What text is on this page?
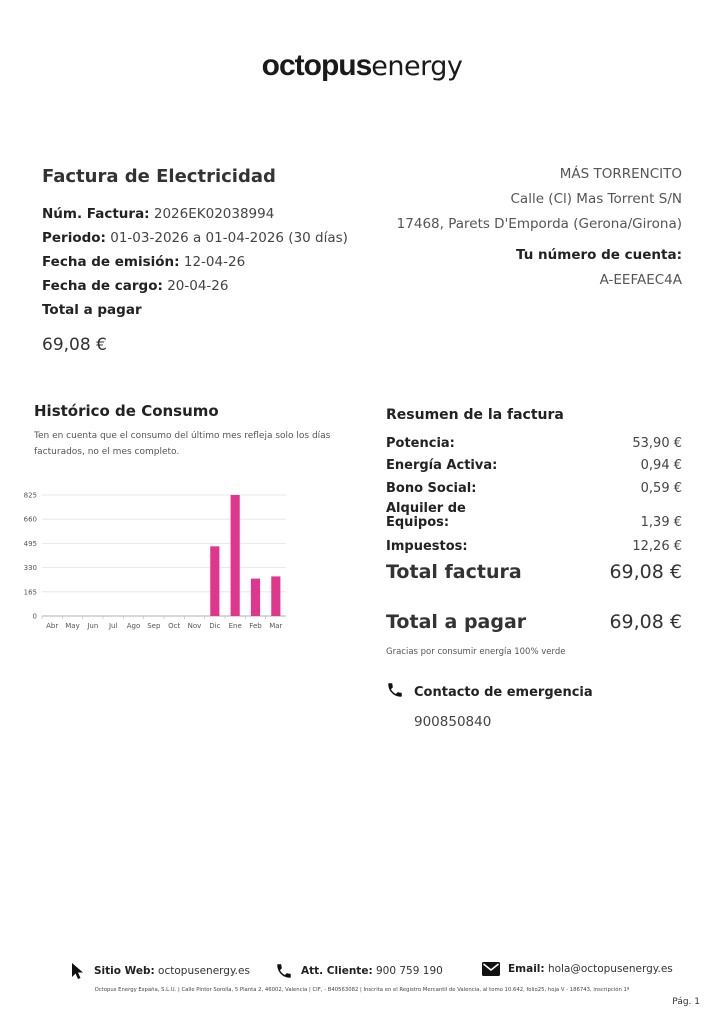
octopusenergy
Factura de Electricidad
Núm. Factura: 2026EK02038994
Periodo: 01-03-2026 a 01-04-2026 (30 días)
Fecha de emisión: 12-04-26
Fecha de cargo: 20-04-26
Total a pagar
69,08 €
MÁS TORRENCITO
Calle (Cl) Mas Torrent S/N
17468, Parets D'Emporda (Gerona/Girona)
Tu número de cuenta:
A-EEFAEC4A
Histórico de Consumo
Ten en cuenta que el consumo del último mes refleja solo los días facturados, no el mes completo.
0
165
330
495
660
825
Abr May Jun Jul Ago Sep Oct Nov Dic Ene Feb Mar
Resumen de la factura
Potencia:	53,90 €
Energía Activa:	0,94 €
Bono Social:	0,59 €
Alquiler de
Equipos:	1,39 €
Impuestos:	12,26 €
Total factura	69,08 €
Total a pagar	69,08 €
Gracias por consumir energía 100% verde
Contacto de emergencia
900850840
Sitio Web: octopusenergy.es	Att. Cliente: 900 759 190	Email: hola@octopusenergy.es
Octopus Energy España, S.L.U. | Calle Pintor Sorolla, 5 Planta 2, 46002, Valencia | CIF, - B40563082 | Inscrita en el Registro Mercantil de Valencia, al tomo 10.642, folio25, hoja V - 186743, inscripción 1ª
Pág. 1
